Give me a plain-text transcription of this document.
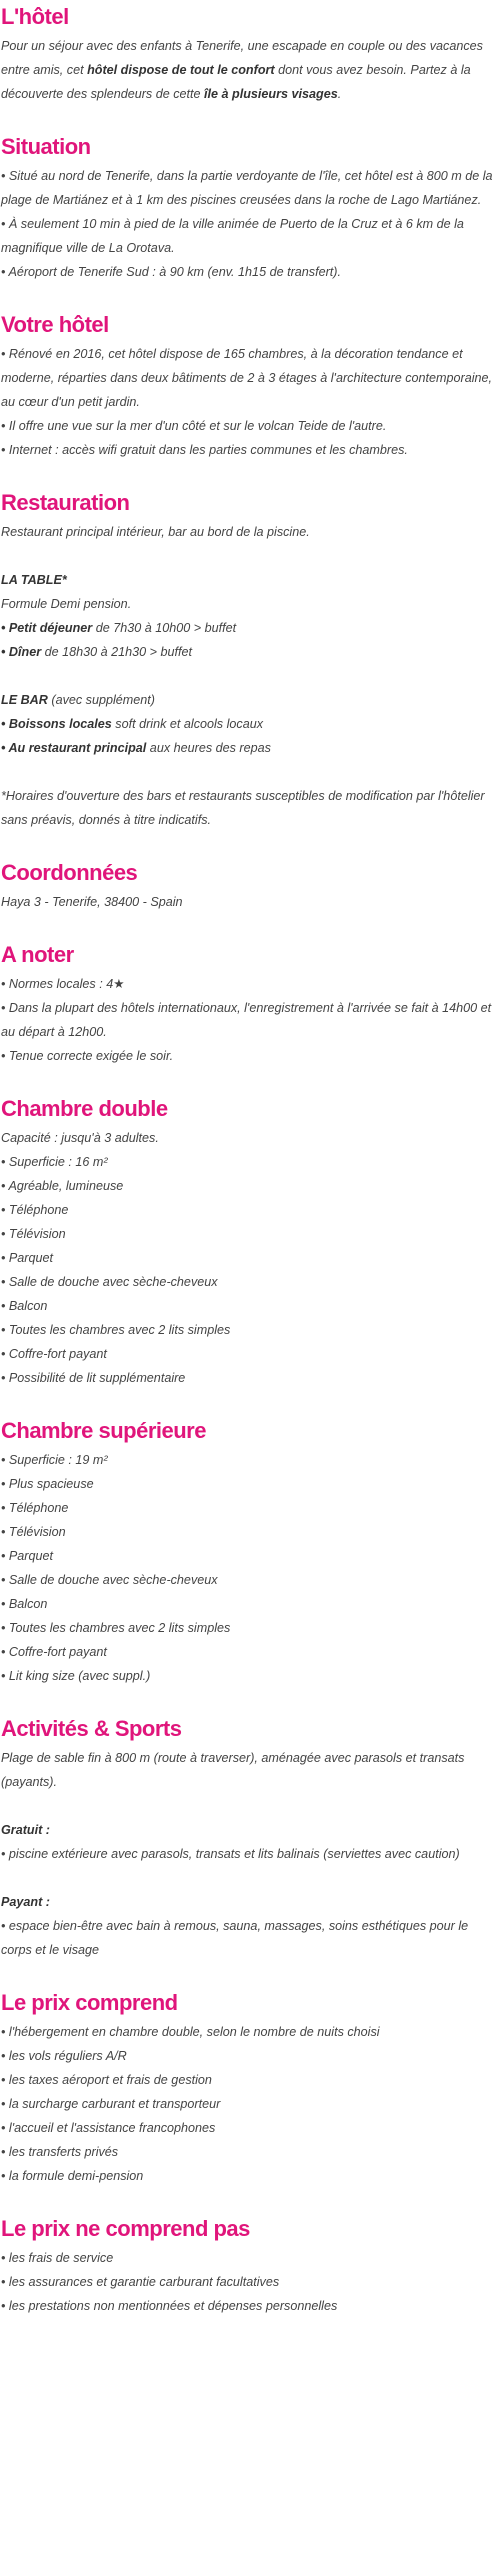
L'hôtel

Pour un séjour avec des enfants à Tenerife, une escapade en couple ou des vacances entre amis, cet hôtel dispose de tout le confort dont vous avez besoin. Partez à la découverte des splendeurs de cette île à plusieurs visages.

Situation

• Situé au nord de Tenerife, dans la partie verdoyante de l'île, cet hôtel est à 800 m de la plage de Martiánez et à 1 km des piscines creusées dans la roche de Lago Martiánez.
• À seulement 10 min à pied de la ville animée de Puerto de la Cruz et à 6 km de la magnifique ville de La Orotava.
• Aéroport de Tenerife Sud : à 90 km (env. 1h15 de transfert).

Votre hôtel

• Rénové en 2016, cet hôtel dispose de 165 chambres, à la décoration tendance et moderne, réparties dans deux bâtiments de 2 à 3 étages à l'architecture contemporaine, au cœur d'un petit jardin.
• Il offre une vue sur la mer d'un côté et sur le volcan Teide de l'autre.
• Internet : accès wifi gratuit dans les parties communes et les chambres.

Restauration

Restaurant principal intérieur, bar au bord de la piscine.
LA TABLE*
Formule Demi pension.
• Petit déjeuner de 7h30 à 10h00 > buffet
• Dîner de 18h30 à 21h30 > buffet
LE BAR (avec supplément)
• Boissons locales soft drink et alcools locaux
• Au restaurant principal aux heures des repas
*Horaires d'ouverture des bars et restaurants susceptibles de modification par l'hôtelier sans préavis, donnés à titre indicatifs.

Coordonnées

Haya 3 - Tenerife, 38400 - Spain

A noter

• Normes locales : 4★
• Dans la plupart des hôtels internationaux, l'enregistrement à l'arrivée se fait à 14h00 et au départ à 12h00.
• Tenue correcte exigée le soir.

Chambre double

Capacité : jusqu'à 3 adultes.
• Superficie : 16 m²
• Agréable, lumineuse
• Téléphone
• Télévision
• Parquet
• Salle de douche avec sèche-cheveux
• Balcon
• Toutes les chambres avec 2 lits simples
• Coffre-fort payant
• Possibilité de lit supplémentaire

Chambre supérieure

• Superficie : 19 m²
• Plus spacieuse
• Téléphone
• Télévision
• Parquet
• Salle de douche avec sèche-cheveux
• Balcon
• Toutes les chambres avec 2 lits simples
• Coffre-fort payant
• Lit king size (avec suppl.)

Activités & Sports

Plage de sable fin à 800 m (route à traverser), aménagée avec parasols et transats (payants).
Gratuit :
• piscine extérieure avec parasols, transats et lits balinais (serviettes avec caution)
Payant :
• espace bien-être avec bain à remous, sauna, massages, soins esthétiques pour le corps et le visage

Le prix comprend

• l'hébergement en chambre double, selon le nombre de nuits choisi
• les vols réguliers A/R
• les taxes aéroport et frais de gestion
• la surcharge carburant et transporteur
• l'accueil et l'assistance francophones
• les transferts privés
• la formule demi-pension

Le prix ne comprend pas

• les frais de service
• les assurances et garantie carburant facultatives
• les prestations non mentionnées et dépenses personnelles
